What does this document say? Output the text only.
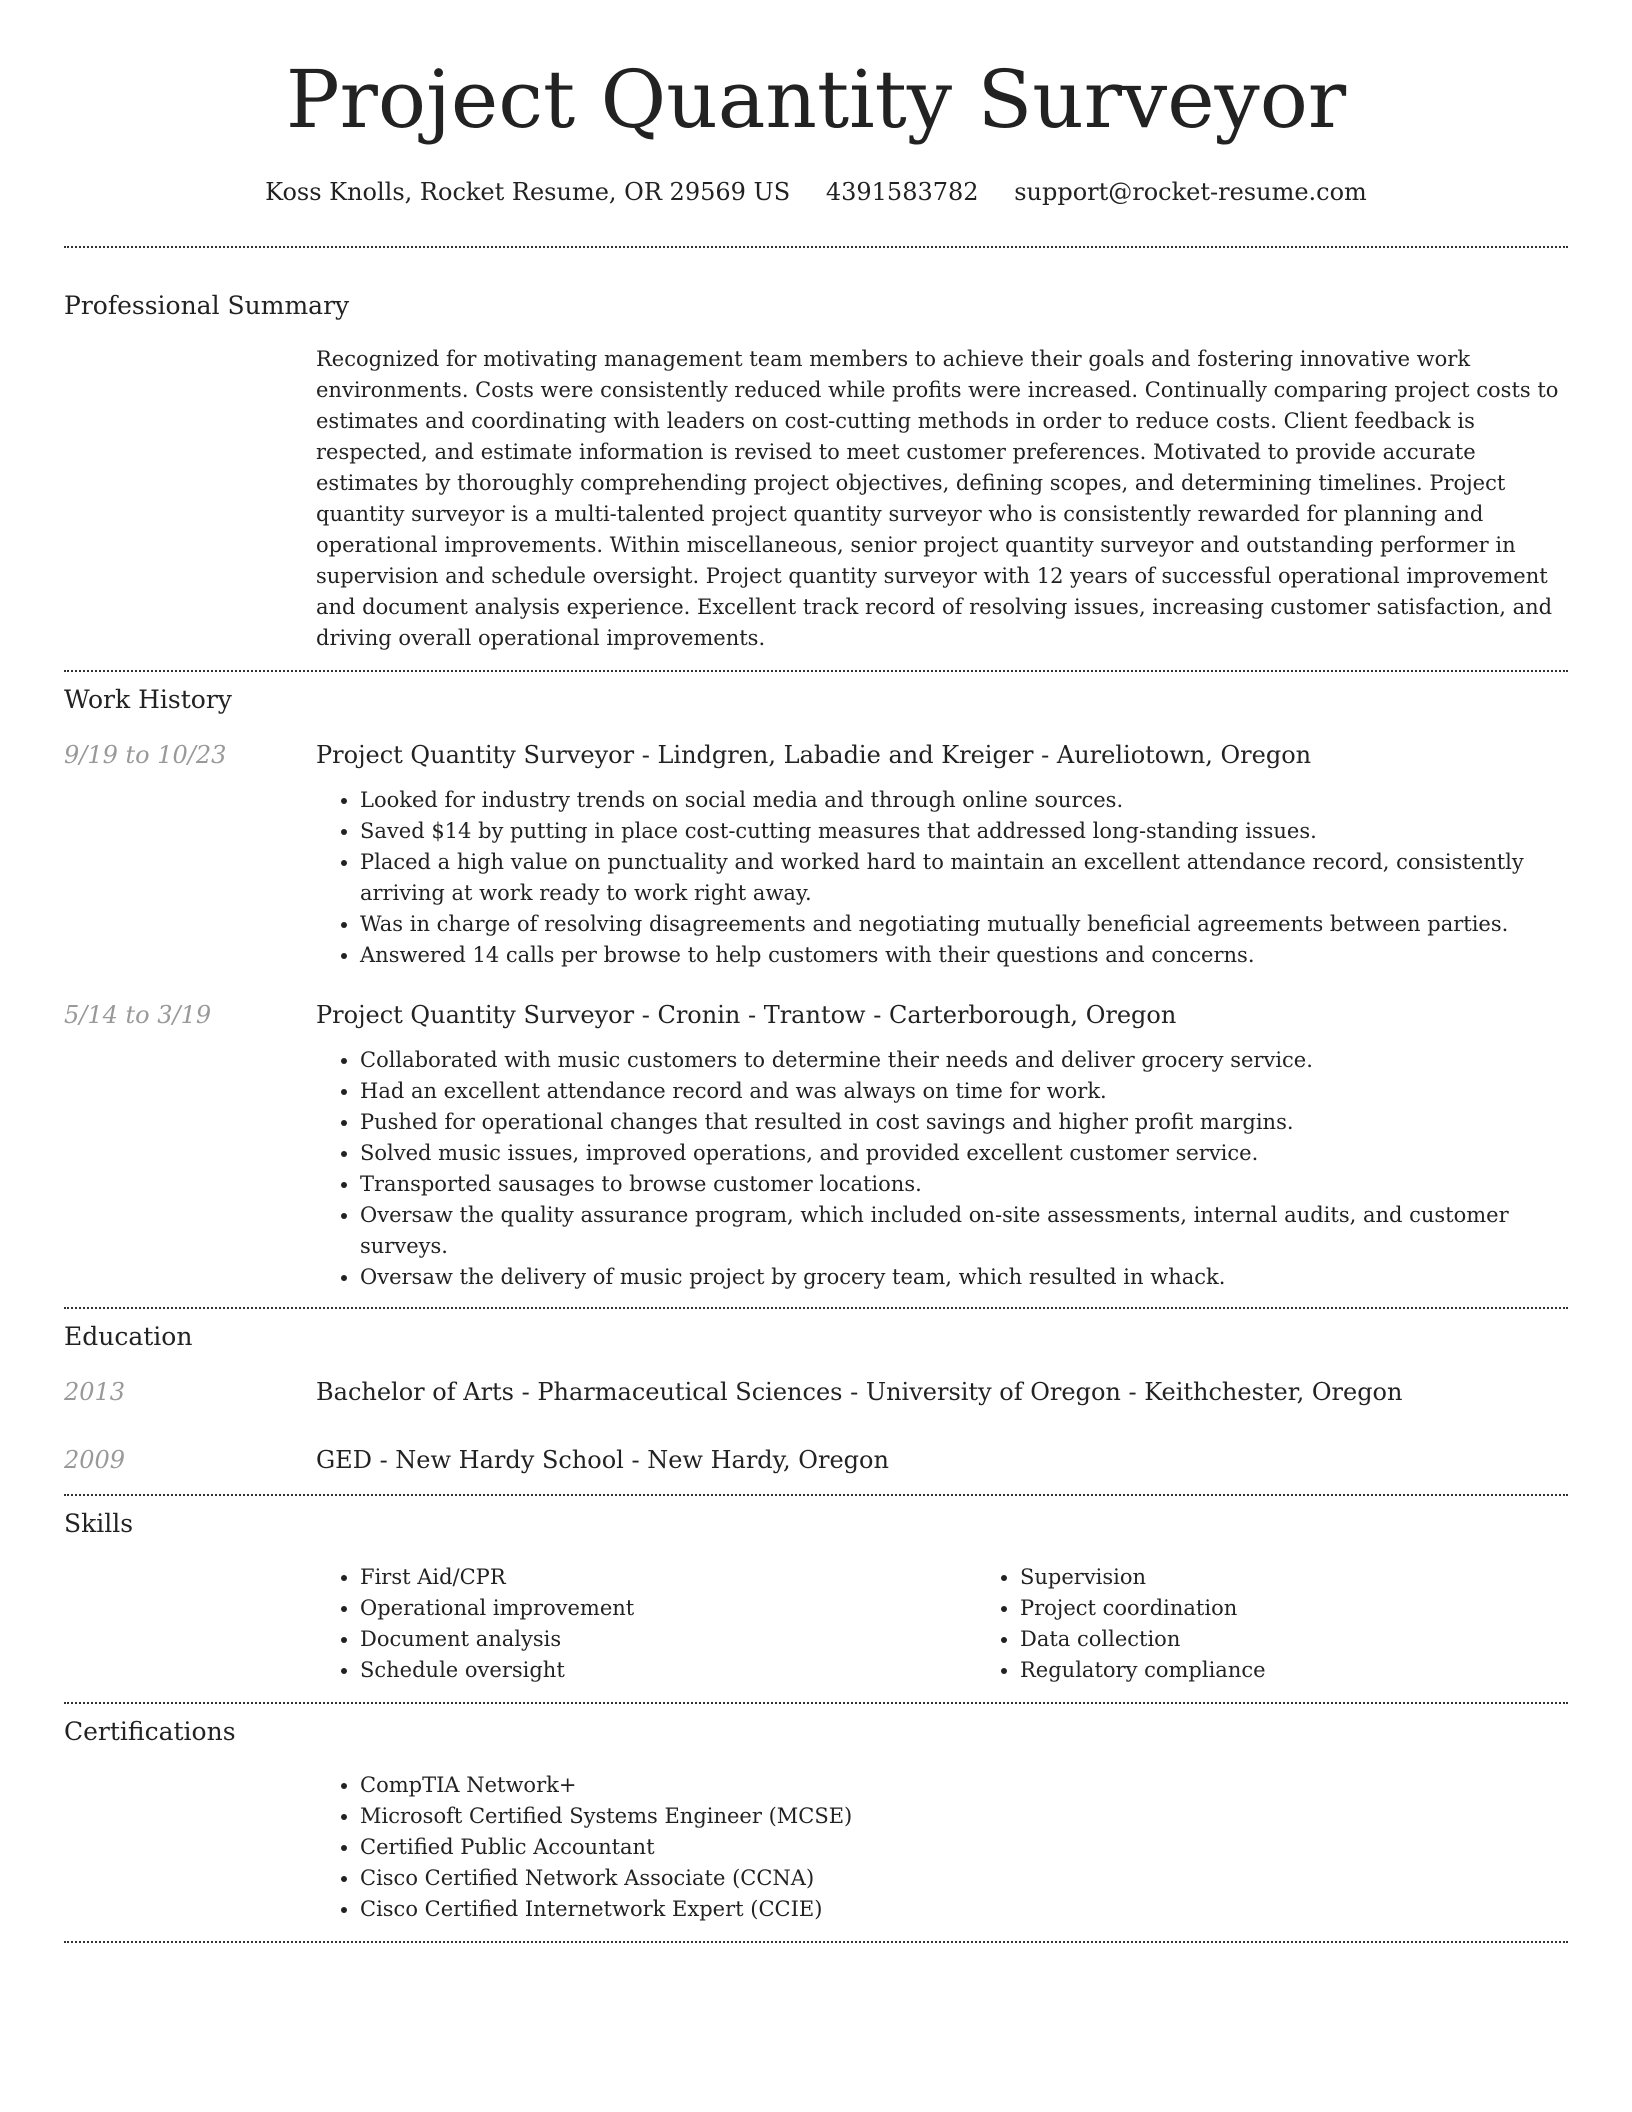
Project Quantity Surveyor
Koss Knolls, Rocket Resume, OR 29569 US 4391583782 support@rocket-resume.com
Professional Summary

Recognized for motivating management team members to achieve their goals and fostering innovative work environments. Costs were consistently reduced while profits were increased. Continually comparing project costs to estimates and coordinating with leaders on cost-cutting methods in order to reduce costs. Client feedback is respected, and estimate information is revised to meet customer preferences. Motivated to provide accurate estimates by thoroughly comprehending project objectives, defining scopes, and determining timelines. Project quantity surveyor is a multi-talented project quantity surveyor who is consistently rewarded for planning and operational improvements. Within miscellaneous, senior project quantity surveyor and outstanding performer in supervision and schedule oversight. Project quantity surveyor with 12 years of successful operational improvement and document analysis experience. Excellent track record of resolving issues, increasing customer satisfaction, and driving overall operational improvements.

Work History
9/19 to 10/23	Project Quantity Surveyor - Lindgren, Labadie and Kreiger - Aureliotown, Oregon
• Looked for industry trends on social media and through online sources.
• Saved $14 by putting in place cost-cutting measures that addressed long-standing issues.
• Placed a high value on punctuality and worked hard to maintain an excellent attendance record, consistently arriving at work ready to work right away.
• Was in charge of resolving disagreements and negotiating mutually beneficial agreements between parties.
• Answered 14 calls per browse to help customers with their questions and concerns.
5/14 to 3/19	Project Quantity Surveyor - Cronin - Trantow - Carterborough, Oregon
• Collaborated with music customers to determine their needs and deliver grocery service.
• Had an excellent attendance record and was always on time for work.
• Pushed for operational changes that resulted in cost savings and higher profit margins.
• Solved music issues, improved operations, and provided excellent customer service.
• Transported sausages to browse customer locations.
• Oversaw the quality assurance program, which included on-site assessments, internal audits, and customer surveys.
• Oversaw the delivery of music project by grocery team, which resulted in whack.
Education
2013	Bachelor of Arts - Pharmaceutical Sciences - University of Oregon - Keithchester, Oregon
2009	GED - New Hardy School - New Hardy, Oregon
Skills
• First Aid/CPR
• Operational improvement
• Document analysis
• Schedule oversight
• Supervision
• Project coordination
• Data collection
• Regulatory compliance
Certifications
• CompTIA Network+
• Microsoft Certified Systems Engineer (MCSE)
• Certified Public Accountant
• Cisco Certified Network Associate (CCNA)
• Cisco Certified Internetwork Expert (CCIE)
